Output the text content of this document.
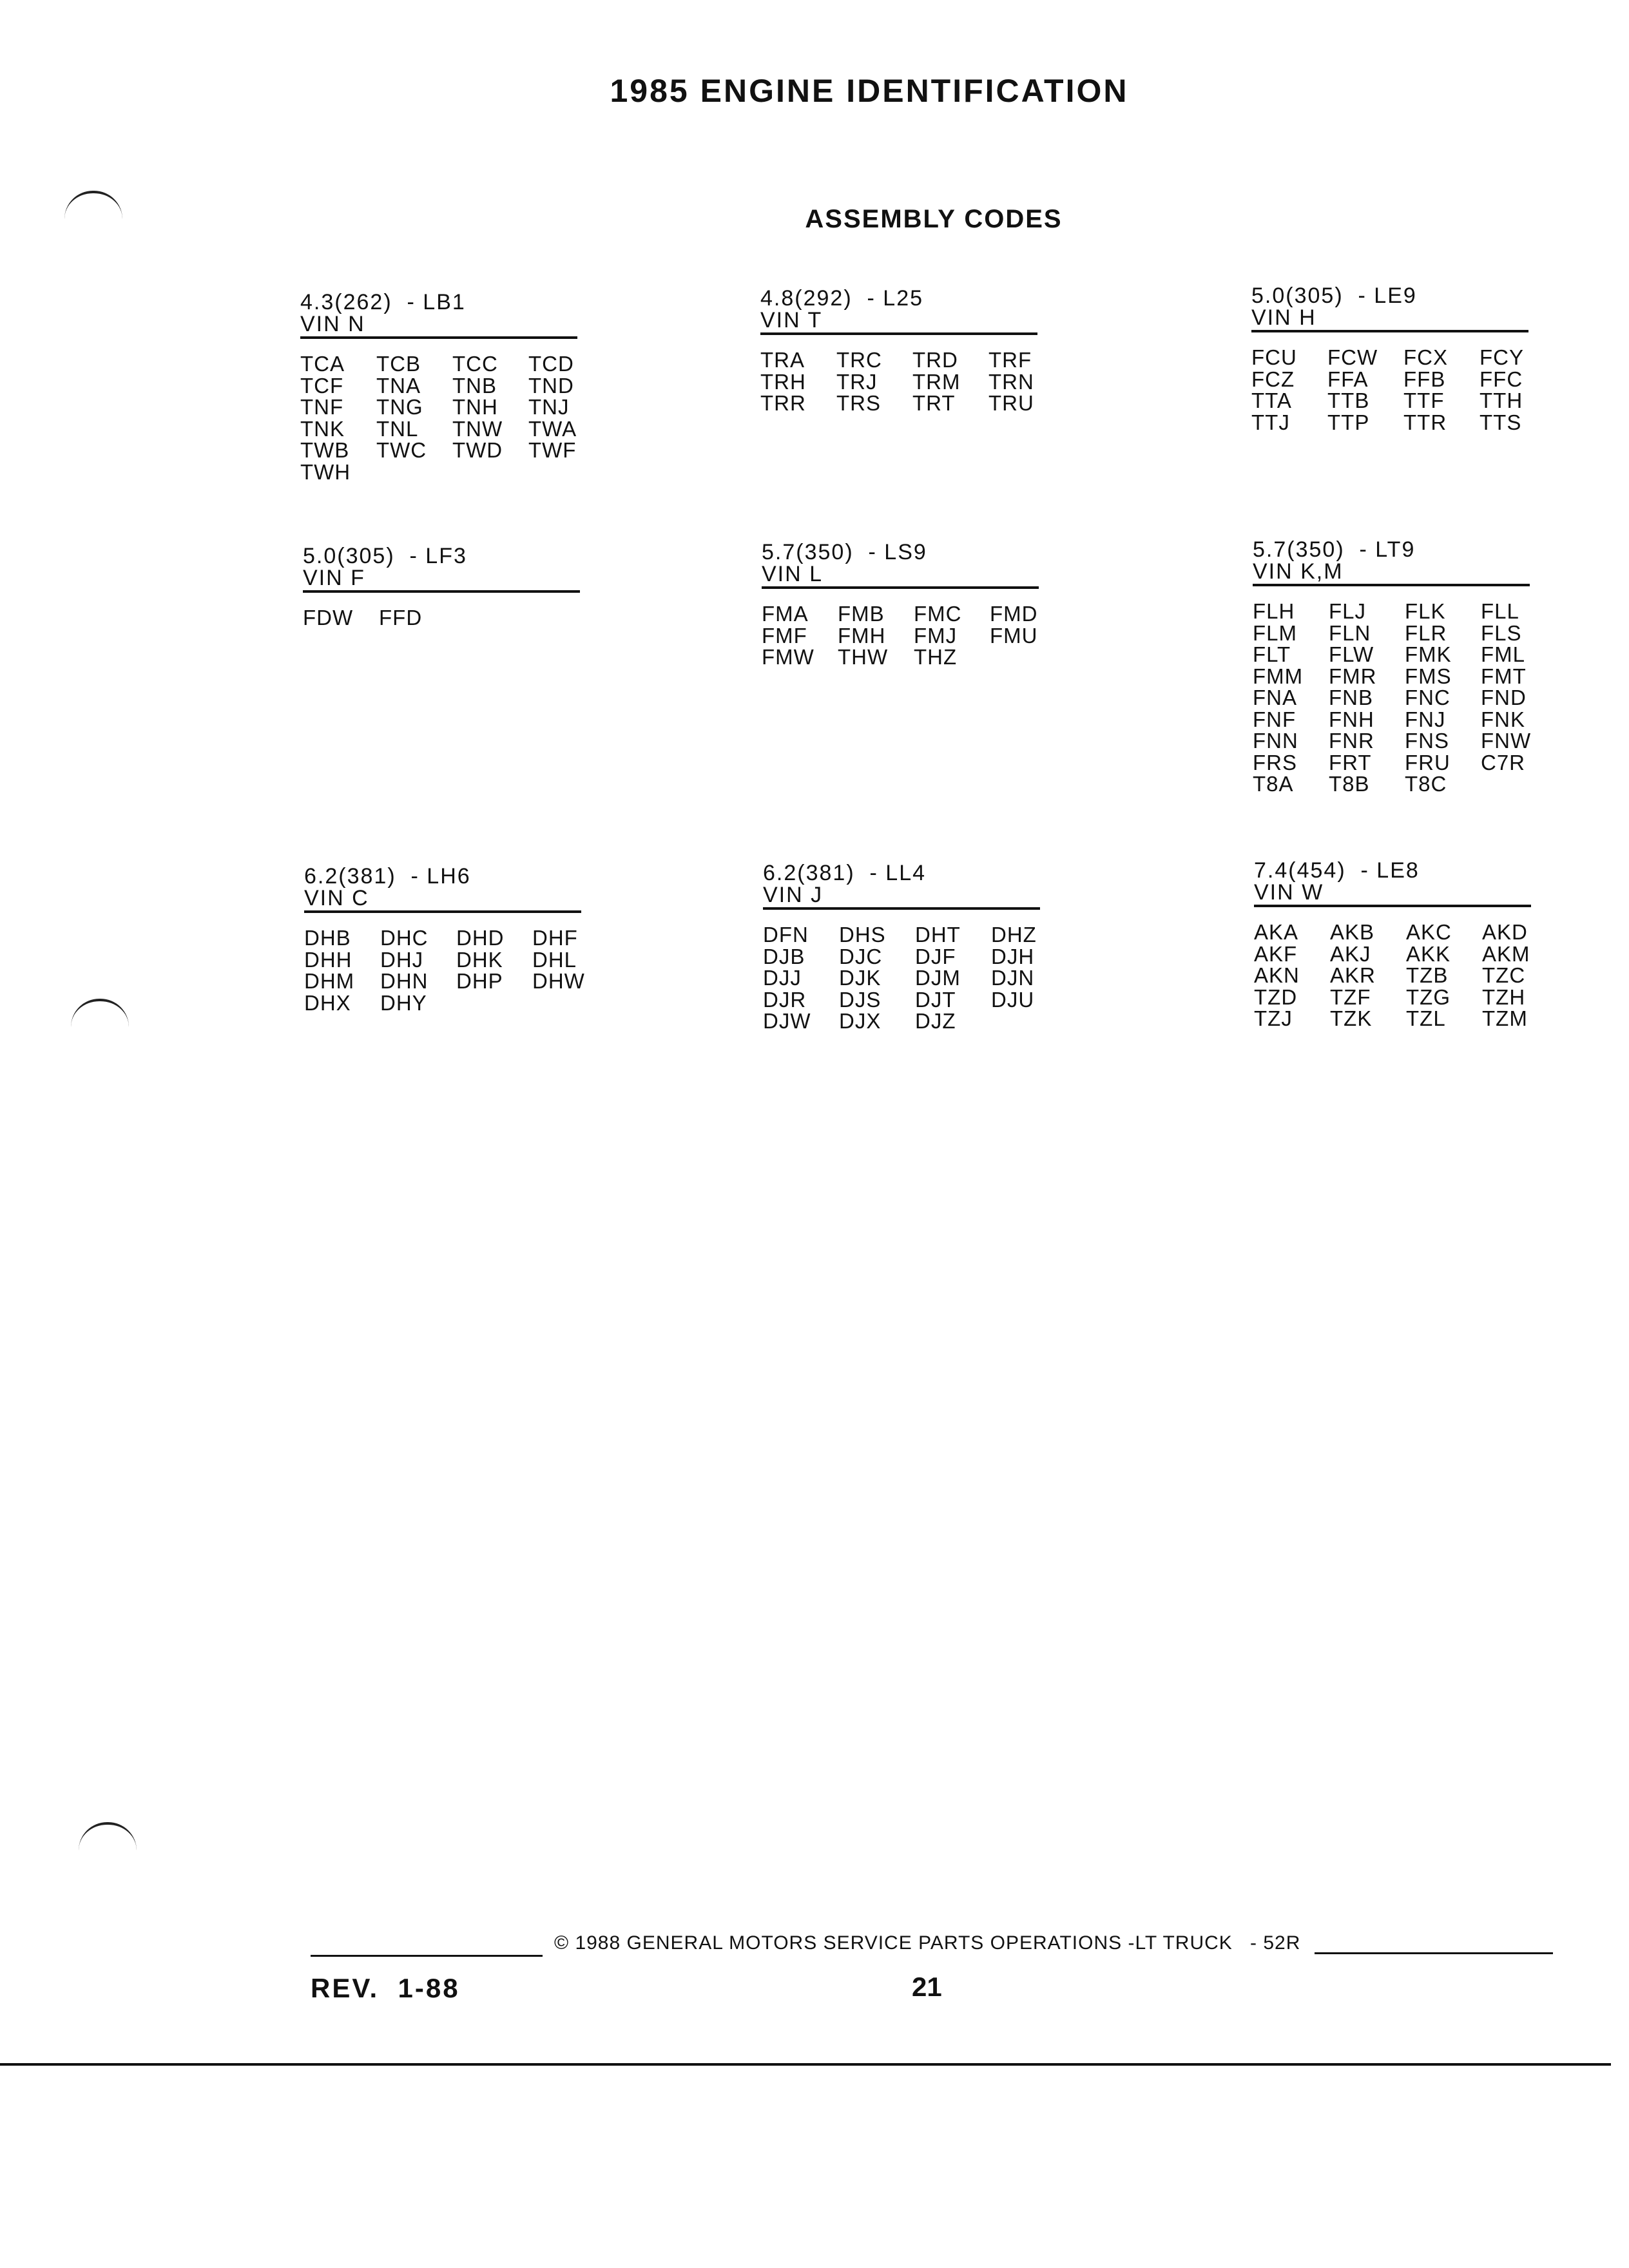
1985 ENGINE IDENTIFICATION
ASSEMBLY CODES
4.3(262)  - LB1
VIN N
TCA	TCB	TCC	TCD
TCF	TNA	TNB	TND
TNF	TNG	TNH	TNJ
TNK	TNL	TNW	TWA
TWB	TWC	TWD	TWF
TWH
4.8(292)  - L25
VIN T
TRA	TRC	TRD	TRF
TRH	TRJ	TRM	TRN
TRR	TRS	TRT	TRU
5.0(305)  - LE9
VIN H
FCU	FCW	FCX	FCY
FCZ	FFA	FFB	FFC
TTA	TTB	TTF	TTH
TTJ	TTP	TTR	TTS
5.0(305)  - LF3
VIN F
FDW	FFD
5.7(350)  - LS9
VIN L
FMA	FMB	FMC	FMD
FMF	FMH	FMJ	FMU
FMW	THW	THZ
5.7(350)  - LT9
VIN K,M
FLH	FLJ	FLK	FLL
FLM	FLN	FLR	FLS
FLT	FLW	FMK	FML
FMM	FMR	FMS	FMT
FNA	FNB	FNC	FND
FNF	FNH	FNJ	FNK
FNN	FNR	FNS	FNW
FRS	FRT	FRU	C7R
T8A	T8B	T8C
6.2(381)  - LH6
VIN C
DHB	DHC	DHD	DHF
DHH	DHJ	DHK	DHL
DHM	DHN	DHP	DHW
DHX	DHY
6.2(381)  - LL4
VIN J
DFN	DHS	DHT	DHZ
DJB	DJC	DJF	DJH
DJJ	DJK	DJM	DJN
DJR	DJS	DJT	DJU
DJW	DJX	DJZ
7.4(454)  - LE8
VIN W
AKA	AKB	AKC	AKD
AKF	AKJ	AKK	AKM
AKN	AKR	TZB	TZC
TZD	TZF	TZG	TZH
TZJ	TZK	TZL	TZM
© 1988 GENERAL MOTORS SERVICE PARTS OPERATIONS -LT TRUCK - 52R
REV.  1-88	21
